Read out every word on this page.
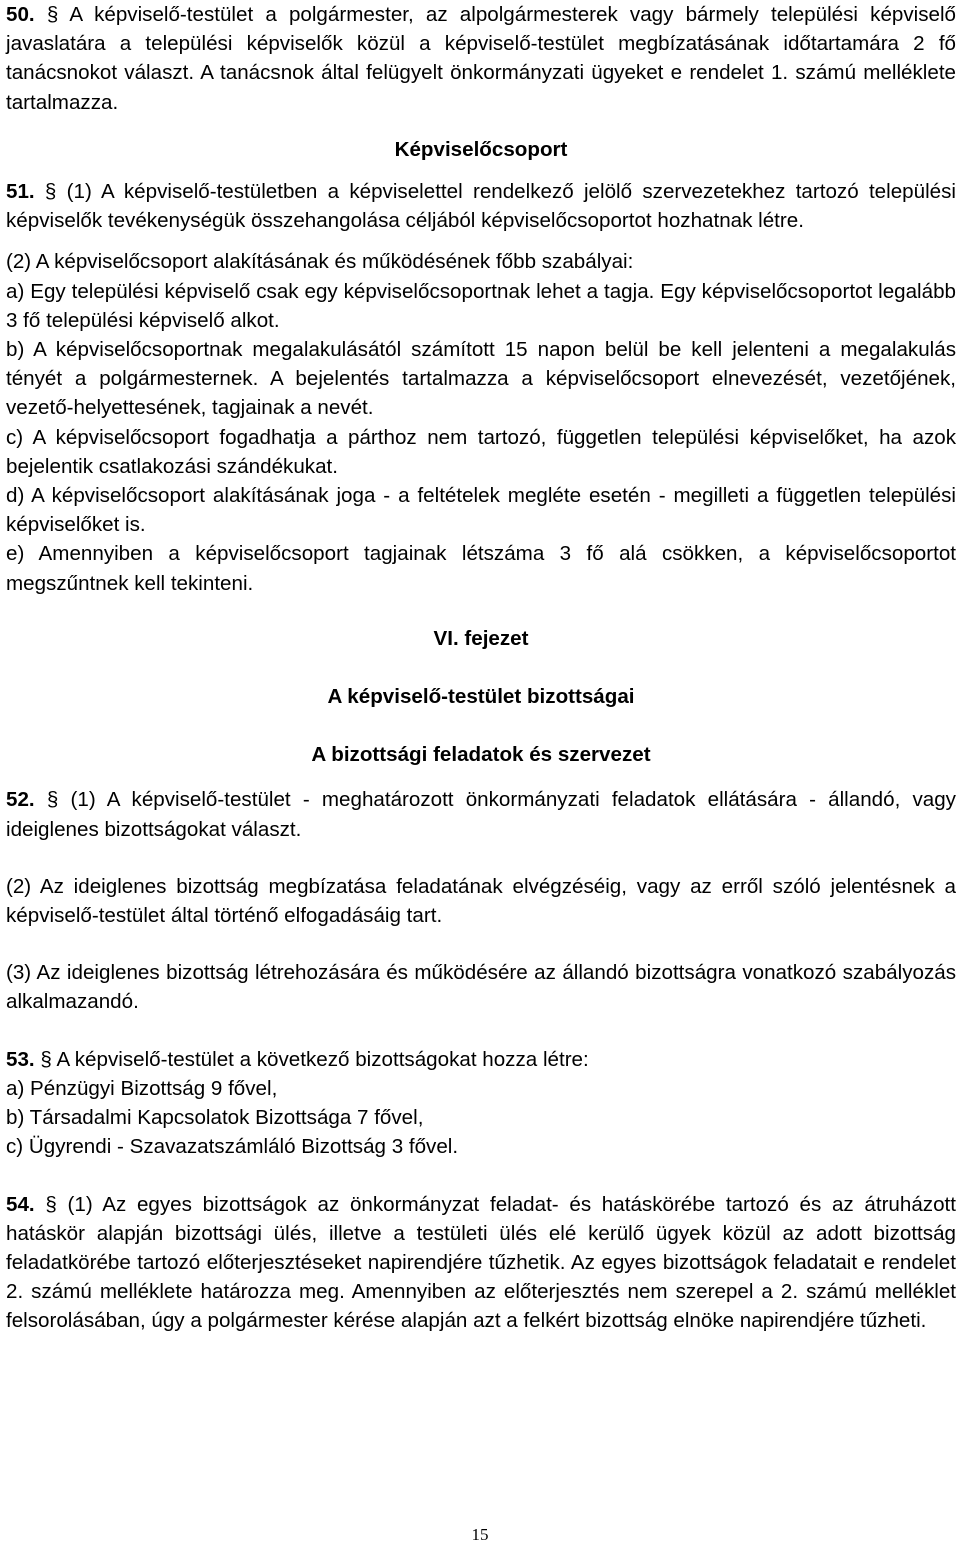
50. § A képviselő-testület a polgármester, az alpolgármesterek vagy bármely települési képviselő javaslatára a települési képviselők közül a képviselő-testület megbízatásának időtartamára 2 fő tanácsnokot választ. A tanácsnok által felügyelt önkormányzati ügyeket e rendelet 1. számú melléklete tartalmazza.

Képviselőcsoport

51. § (1) A képviselő-testületben a képviselettel rendelkező jelölő szervezetekhez tartozó települési képviselők tevékenységük összehangolása céljából képviselőcsoportot hozhatnak létre.

(2) A képviselőcsoport alakításának és működésének főbb szabályai:

a) Egy települési képviselő csak egy képviselőcsoportnak lehet a tagja. Egy képviselőcsoportot legalább 3 fő települési képviselő alkot.

b) A képviselőcsoportnak megalakulásától számított 15 napon belül be kell jelenteni a megalakulás tényét a polgármesternek. A bejelentés tartalmazza a képviselőcsoport elnevezését, vezetőjének, vezető-helyettesének, tagjainak a nevét.

c) A képviselőcsoport fogadhatja a párthoz nem tartozó, független települési képviselőket, ha azok bejelentik csatlakozási szándékukat.

d) A képviselőcsoport alakításának joga - a feltételek megléte esetén - megilleti a független települési képviselőket is.

e) Amennyiben a képviselőcsoport tagjainak létszáma 3 fő alá csökken, a képviselőcsoportot megszűntnek kell tekinteni.

VI. fejezet

A képviselő-testület bizottságai

A bizottsági feladatok és szervezet

52. § (1) A képviselő-testület - meghatározott önkormányzati feladatok ellátására - állandó, vagy ideiglenes bizottságokat választ.

(2) Az ideiglenes bizottság megbízatása feladatának elvégzéséig, vagy az erről szóló jelentésnek a képviselő-testület által történő elfogadásáig tart.

(3) Az ideiglenes bizottság létrehozására és működésére az állandó bizottságra vonatkozó szabályozás alkalmazandó.

53. § A képviselő-testület a következő bizottságokat hozza létre:

a) Pénzügyi Bizottság 9 fővel,

b) Társadalmi Kapcsolatok Bizottsága 7 fővel,

c) Ügyrendi - Szavazatszámláló Bizottság 3 fővel.

54. § (1) Az egyes bizottságok az önkormányzat feladat- és hatáskörébe tartozó és az átruházott hatáskör alapján bizottsági ülés, illetve a testületi ülés elé kerülő ügyek közül az adott bizottság feladatkörébe tartozó előterjesztéseket napirendjére tűzhetik. Az egyes bizottságok feladatait e rendelet 2. számú melléklete határozza meg. Amennyiben az előterjesztés nem szerepel a 2. számú melléklet felsorolásában, úgy a polgármester kérése alapján azt a felkért bizottság elnöke napirendjére tűzheti.

15
